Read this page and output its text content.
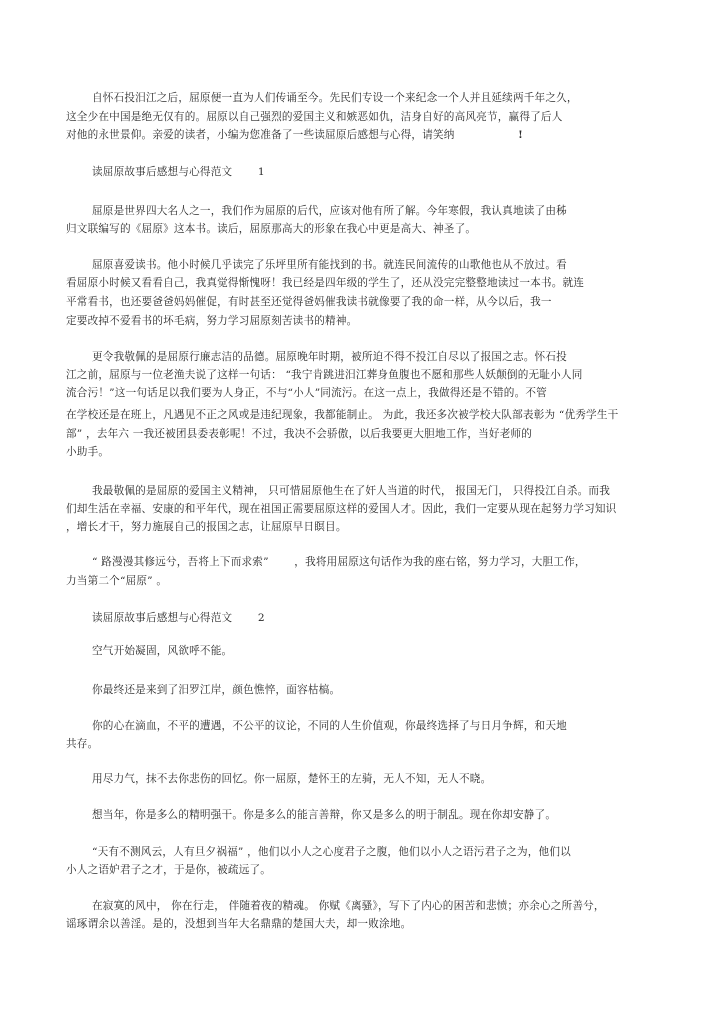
自怀石投汨江之后，屈原便一直为人们传诵至今。先民们专设一个来纪念一个人并且延续两千年之久，
这全少在中国是绝无仅有的。屈原以自己强烈的爱国主义和嫉恶如仇，洁身自好的高风亮节，赢得了后人
对他的永世景仰。亲爱的读者，小编为您准备了一些读屈原后感想与心得，请笑纳	!
读屈原故事后感想与心得范文 1
屈原是世界四大名人之一，我们作为屈原的后代，应该对他有所了解。今年寒假，我认真地读了由秭
归文联编写的《屈原》这本书。读后，屈原那高大的形象在我心中更是高大、神圣了。
屈原喜爱读书。他小时候几乎读完了乐坪里所有能找到的书。就连民间流传的山歌他也从不放过。看
看屈原小时候又看看自己，我真觉得惭愧呀！我已经是四年级的学生了，还从没完完整整地读过一本书。就连
平常看书，也还要爸爸妈妈催促，有时甚至还觉得爸妈催我读书就像要了我的命一样，从今以后，我一
定要改掉不爱看书的坏毛病，努力学习屈原刻苦读书的精神。
更令我敬佩的是屈原行廉志洁的品德。屈原晚年时期，被所迫不得不投江自尽以了报国之志。怀石投
江之前，屈原与一位老渔夫说了这样一句话： “我宁肯跳进汨江葬身鱼腹也不愿和那些人妖颠倒的无耻小人同
流合污！”这一句话足以我们要为人身正，不与“小人”同流污。在这一点上，我做得还是不错的。不管
在学校还是在班上，凡遇见不正之风或是违纪现象，我都能制止。 为此，我还多次被学校大队部表彰为 “优秀学生干
部” ，去年六 一我还被团县委表彰呢！不过，我决不会骄傲，以后我要更大胆地工作，当好老师的
小助手。
我最敬佩的是屈原的爱国主义精神， 只可惜屈原他生在了奸人当道的时代， 报国无门， 只得投江自杀。而我
们却生活在幸福、安康的和平年代，现在祖国正需要屈原这样的爱国人才。因此，我们一定要从现在起努力学习知识
，增长才干，努力施展自己的报国之志，让屈原早日瞑目。
“ 路漫漫其修远兮，吾将上下而求索” ，我将用屈原这句话作为我的座右铭，努力学习，大胆工作，
力当第二个“屈原” 。
读屈原故事后感想与心得范文 2
空气开始凝固，风欲呼不能。
你最终还是来到了汨罗江岸，颜色憔悴，面容枯槁。
你的心在滴血，不平的遭遇，不公平的议论，不同的人生价值观，你最终选择了与日月争辉，和天地
共存。
用尽力气，抹不去你悲伤的回忆。你一屈原，楚怀王的左骑，无人不知，无人不晓。
想当年，你是多么的精明强干。你是多么的能言善辩，你又是多么的明于制乱。现在你却安静了。
“天有不测风云，人有旦夕祸福” ，他们以小人之心度君子之腹，他们以小人之语污君子之为，他们以
小人之语妒君子之才，于是你，被疏远了。
在寂寞的风中， 你在行走， 伴随着夜的精魂。 你赋《离骚》，写下了内心的困苦和悲愤；亦余心之所善兮，
谣琢谓余以善淫。是的，没想到当年大名鼎鼎的楚国大夫，却一败涂地。
